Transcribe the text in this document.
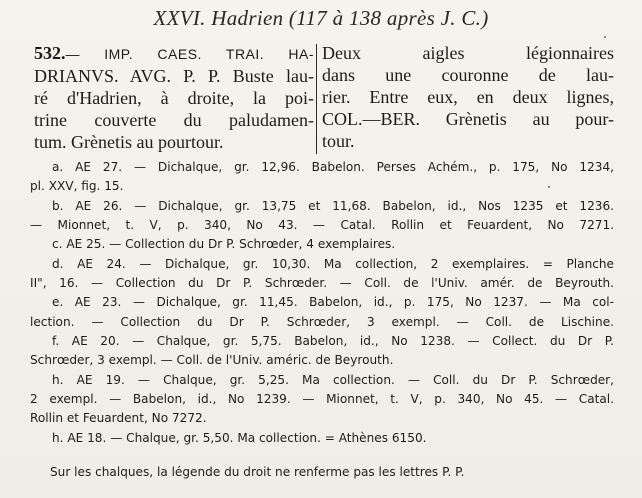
XXVI. Hadrien (117 à 138 après J. C.)
532.— IMP. CAES. TRAI. HA-
DRIANVS. AVG. P. P. Buste lau-
ré d'Hadrien, à droite, la poi-
trine couverte du paludamen-
tum. Grènetis au pourtour.
Deux aigles légionnaires
dans une couronne de lau-
rier. Entre eux, en deux lignes,
COL.—BER. Grènetis au pour-
tour.
a. AE 27. — Dichalque, gr. 12,96. Babelon. Perses Achém., p. 175, No 1234,
pl. XXV, fig. 15.
b. AE 26. — Dichalque, gr. 13,75 et 11,68. Babelon, id., Nos 1235 et 1236.
— Mionnet, t. V, p. 340, No 43. — Catal. Rollin et Feuardent, No 7271.
c. AE 25. — Collection du Dr P. Schrœder, 4 exemplaires.
d. AE 24. — Dichalque, gr. 10,30. Ma collection, 2 exemplaires. = Planche
II", 16. — Collection du Dr P. Schrœder. — Coll. de l'Univ. amér. de Beyrouth.
e. AE 23. — Dichalque, gr. 11,45. Babelon, id., p. 175, No 1237. — Ma col-
lection. — Collection du Dr P. Schrœder, 3 exempl. — Coll. de Lischine.
f. AE 20. — Chalque, gr. 5,75. Babelon, id., No 1238. — Collect. du Dr P.
Schrœder, 3 exempl. — Coll. de l'Univ. améric. de Beyrouth.
h. AE 19. — Chalque, gr. 5,25. Ma collection. — Coll. du Dr P. Schrœder,
2 exempl. — Babelon, id., No 1239. — Mionnet, t. V, p. 340, No 45. — Catal.
Rollin et Feuardent, No 7272.
h. AE 18. — Chalque, gr. 5,50. Ma collection. = Athènes 6150.
Sur les chalques, la légende du droit ne renferme pas les lettres P. P.
